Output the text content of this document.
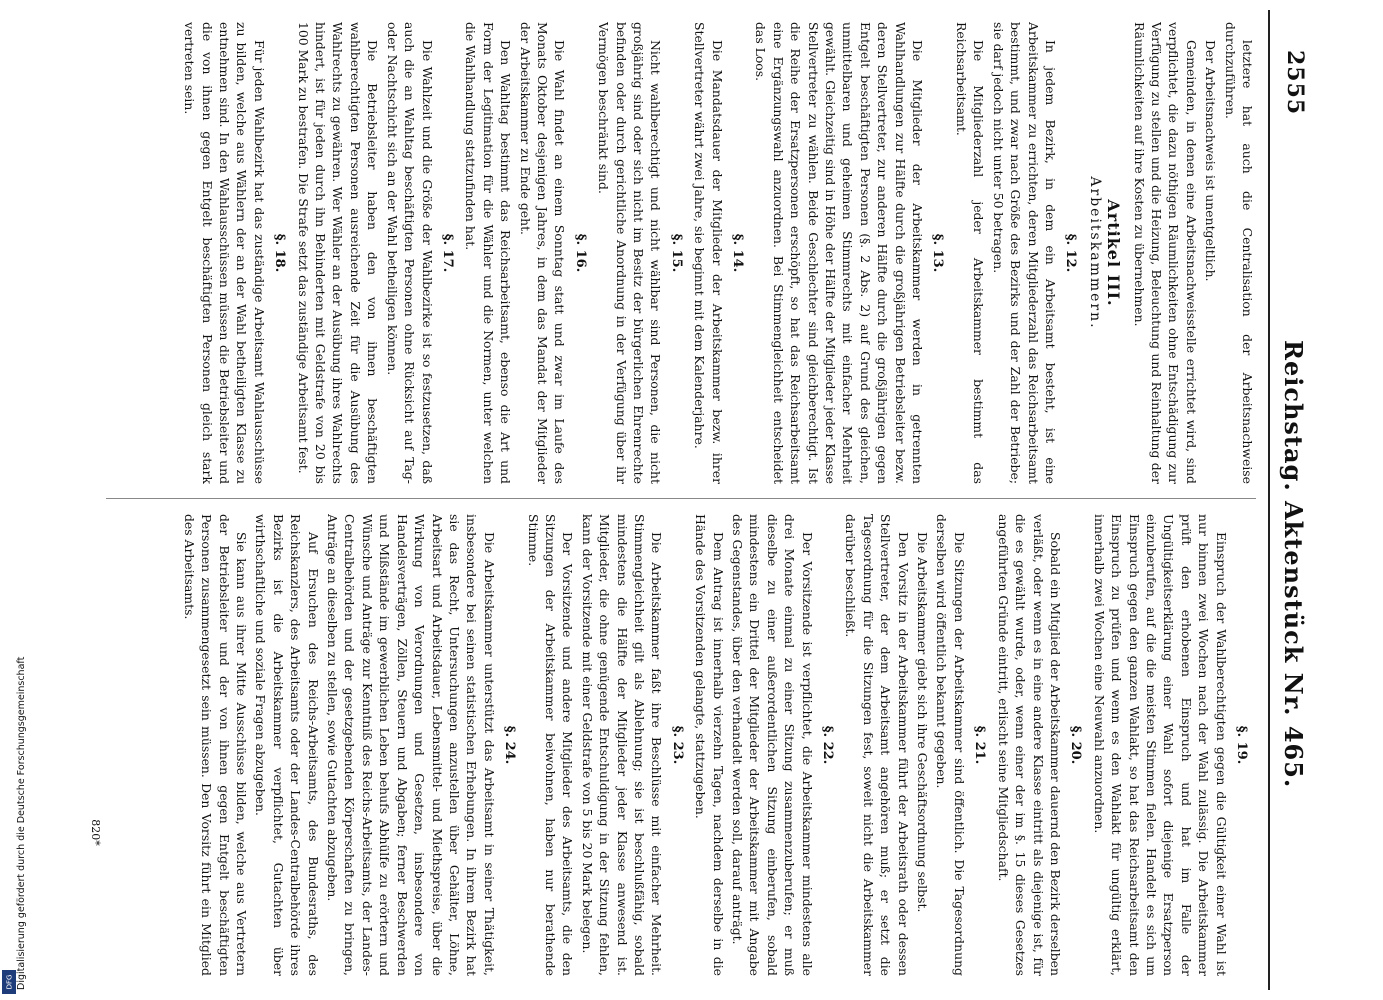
Reichstag. Aktenstück Nr. 465.
2555

letztere hat auch die Centralisation der Arbeitsnachweise durchzuführen.

Der Arbeitsnachweis ist unentgeltlich.

Gemeinden, in denen eine Arbeitsnachweisstelle errichtet wird, sind verpflichtet, die dazu nöthigen Räumlichkeiten ohne Entschädigung zur Verfügung zu stellen und die Heizung, Beleuchtung und Reinhaltung der Räumlichkeiten auf ihre Kosten zu übernehmen.

Artikel III.
Arbeitskammern.
§. 12.

In jedem Bezirk, in dem ein Arbeitsamt besteht, ist eine Arbeitskammer zu errichten, deren Mitgliederzahl das Reichsarbeitsamt bestimmt, und zwar nach Größe des Bezirks und der Zahl der Betriebe; sie darf jedoch nicht unter 50 betragen.

Die Mitgliederzahl jeder Arbeitskammer bestimmt das Reichsarbeitsamt.

§. 13.

Die Mitglieder der Arbeitskammer werden in getrennten Wahlhandlungen zur Hälfte durch die großjährigen Betriebsleiter bezw. deren Stellvertreter, zur anderen Hälfte durch die großjährigen gegen Entgelt beschäftigten Personen (§. 2 Abs. 2) auf Grund des gleichen, unmittelbaren und geheimen Stimmrechts mit einfacher Mehrheit gewählt. Gleichzeitig sind in Höhe der Hälfte der Mitglieder jeder Klasse Stellvertreter zu wählen. Beide Geschlechter sind gleichberechtigt. Ist die Reihe der Ersatzpersonen erschöpft, so hat das Reichsarbeitsamt eine Ergänzungswahl anzuordnen. Bei Stimmengleichheit entscheidet das Loos.

§. 14.

Die Mandatsdauer der Mitglieder der Arbeitskammer bezw. ihrer Stellvertreter währt zwei Jahre, sie beginnt mit dem Kalenderjahre.

§. 15.

Nicht wahlberechtigt und nicht wählbar sind Personen, die nicht großjährig sind oder sich nicht im Besitz der bürgerlichen Ehrenrechte befinden oder durch gerichtliche Anordnung in der Verfügung über ihr Vermögen beschränkt sind.

§. 16.

Die Wahl findet an einem Sonntag statt und zwar im Laufe des Monats Oktober desjenigen Jahres, in dem das Mandat der Mitglieder der Arbeitskammer zu Ende geht.

Den Wahltag bestimmt das Reichsarbeitsamt, ebenso die Art und Form der Legitimation für die Wähler und die Normen, unter welchen die Wahlhandlung stattzufinden hat.

§. 17.

Die Wahlzeit und die Größe der Wahlbezirke ist so festzusetzen, daß auch die an Wahltag beschäftigten Personen ohne Rücksicht auf Tag- oder Nachtschicht sich an der Wahl betheiligen können.

Die Betriebsleiter haben den von ihnen beschäftigten wahlberechtigten Personen ausreichende Zeit für die Ausübung des Wahlrechts zu gewähren. Wer Wähler an der Ausübung ihres Wahlrechts hindert, ist für jeden durch ihn Behinderten mit Geldstrafe von 20 bis 100 Mark zu bestrafen. Die Strafe setzt das zuständige Arbeitsamt fest.

§. 18.

Für jeden Wahlbezirk hat das zuständige Arbeitsamt Wahlausschüsse zu bilden, welche aus Wählern der an der Wahl betheiligten Klasse zu entnehmen sind. In den Wahlausschüssen müssen die Betriebsleiter und die von ihnen gegen Entgelt beschäftigten Personen gleich stark vertreten sein.

§. 19.

Einspruch der Wahlberechtigten gegen die Gültigkeit einer Wahl ist nur binnen zwei Wochen nach der Wahl zulässig. Die Arbeitskammer prüft den erhobenen Einspruch und hat im Falle der Ungültigkeitserklärung einer Wahl sofort diejenige Ersatzperson einzuberufen, auf die die meisten Stimmen fielen. Handelt es sich um Einspruch gegen den ganzen Wahlakt, so hat das Reichsarbeitsamt den Einspruch zu prüfen und wenn es den Wahlakt für ungültig erklärt, innerhalb zwei Wochen eine Neuwahl anzuordnen.

§. 20.

Sobald ein Mitglied der Arbeitskammer dauernd den Bezirk derselben verläßt, oder wenn es in eine andere Klasse eintritt als diejenige ist, für die es gewählt wurde, oder, wenn einer der im §. 15 dieses Gesetzes angeführten Gründe eintritt, erlischt seine Mitgliedschaft.

§. 21.

Die Sitzungen der Arbeitskammer sind öffentlich. Die Tagesordnung derselben wird öffentlich bekannt gegeben.

Die Arbeitskammer giebt sich ihre Geschäftsordnung selbst.

Den Vorsitz in der Arbeitskammer führt der Arbeitsrath oder dessen Stellvertreter, der dem Arbeitsamt angehören muß; er setzt die Tagesordnung für die Sitzungen fest, soweit nicht die Arbeitskammer darüber beschließt.

§. 22.

Der Vorsitzende ist verpflichtet, die Arbeitskammer mindestens alle drei Monate einmal zu einer Sitzung zusammenzuberufen; er muß dieselbe zu einer außerordentlichen Sitzung einberufen, sobald mindestens ein Drittel der Mitglieder der Arbeitskammer mit Angabe des Gegenstandes, über den verhandelt werden soll, darauf anträgt.

Dem Antrag ist innerhalb vierzehn Tagen, nachdem derselbe in die Hände des Vorsitzenden gelangte, stattzugeben.

§. 23.

Die Arbeitskammer faßt ihre Beschlüsse mit einfacher Mehrheit. Stimmengleichheit gilt als Ablehnung; sie ist beschlußfähig, sobald mindestens die Hälfte der Mitglieder jeder Klasse anwesend ist. Mitglieder, die ohne genügende Entschuldigung in der Sitzung fehlen, kann der Vorsitzende mit einer Geldstrafe von 5 bis 20 Mark belegen.

Der Vorsitzende und andere Mitglieder des Arbeitsamts, die den Sitzungen der Arbeitskammer beiwohnen, haben nur berathende Stimme.

§. 24.

Die Arbeitskammer unterstützt das Arbeitsamt in seiner Thätigkeit, insbesondere bei seinen statistischen Erhebungen. In ihrem Bezirk hat sie das Recht, Untersuchungen anzustellen über Gehälter, Löhne, Arbeitsart und Arbeitsdauer, Lebensmittel- und Miethspreise, über die Wirkung von Verordnungen und Gesetzen, insbesondere von Handelsverträgen, Zöllen, Steuern und Abgaben; ferner Beschwerden und Mißstände im gewerblichen Leben behufs Abhülfe zu erörtern und Wünsche und Anträge zur Kenntniß des Reichs-Arbeitsamts, der Landes-Centralbehörden und der gesetzgebenden Körperschaften zu bringen, Anträge an dieselben zu stellen, sowie Gutachten abzugeben.

Auf Ersuchen des Reichs-Arbeitsamts, des Bundesraths, des Reichskanzlers, des Arbeitsamts oder der Landes-Centralbehörde ihres Bezirks ist die Arbeitskammer verpflichtet, Gutachten über wirthschaftliche und soziale Fragen abzugeben.

Sie kann aus ihrer Mitte Ausschüsse bilden, welche aus Vertretern der Betriebsleiter und der von ihnen gegen Entgelt beschäftigten Personen zusammengesetzt sein müssen. Den Vorsitz führt ein Mitglied des Arbeitsamts.

Digitalisierung gefördert durch die Deutsche Forschungsgemeinschaft
DFG
820*
